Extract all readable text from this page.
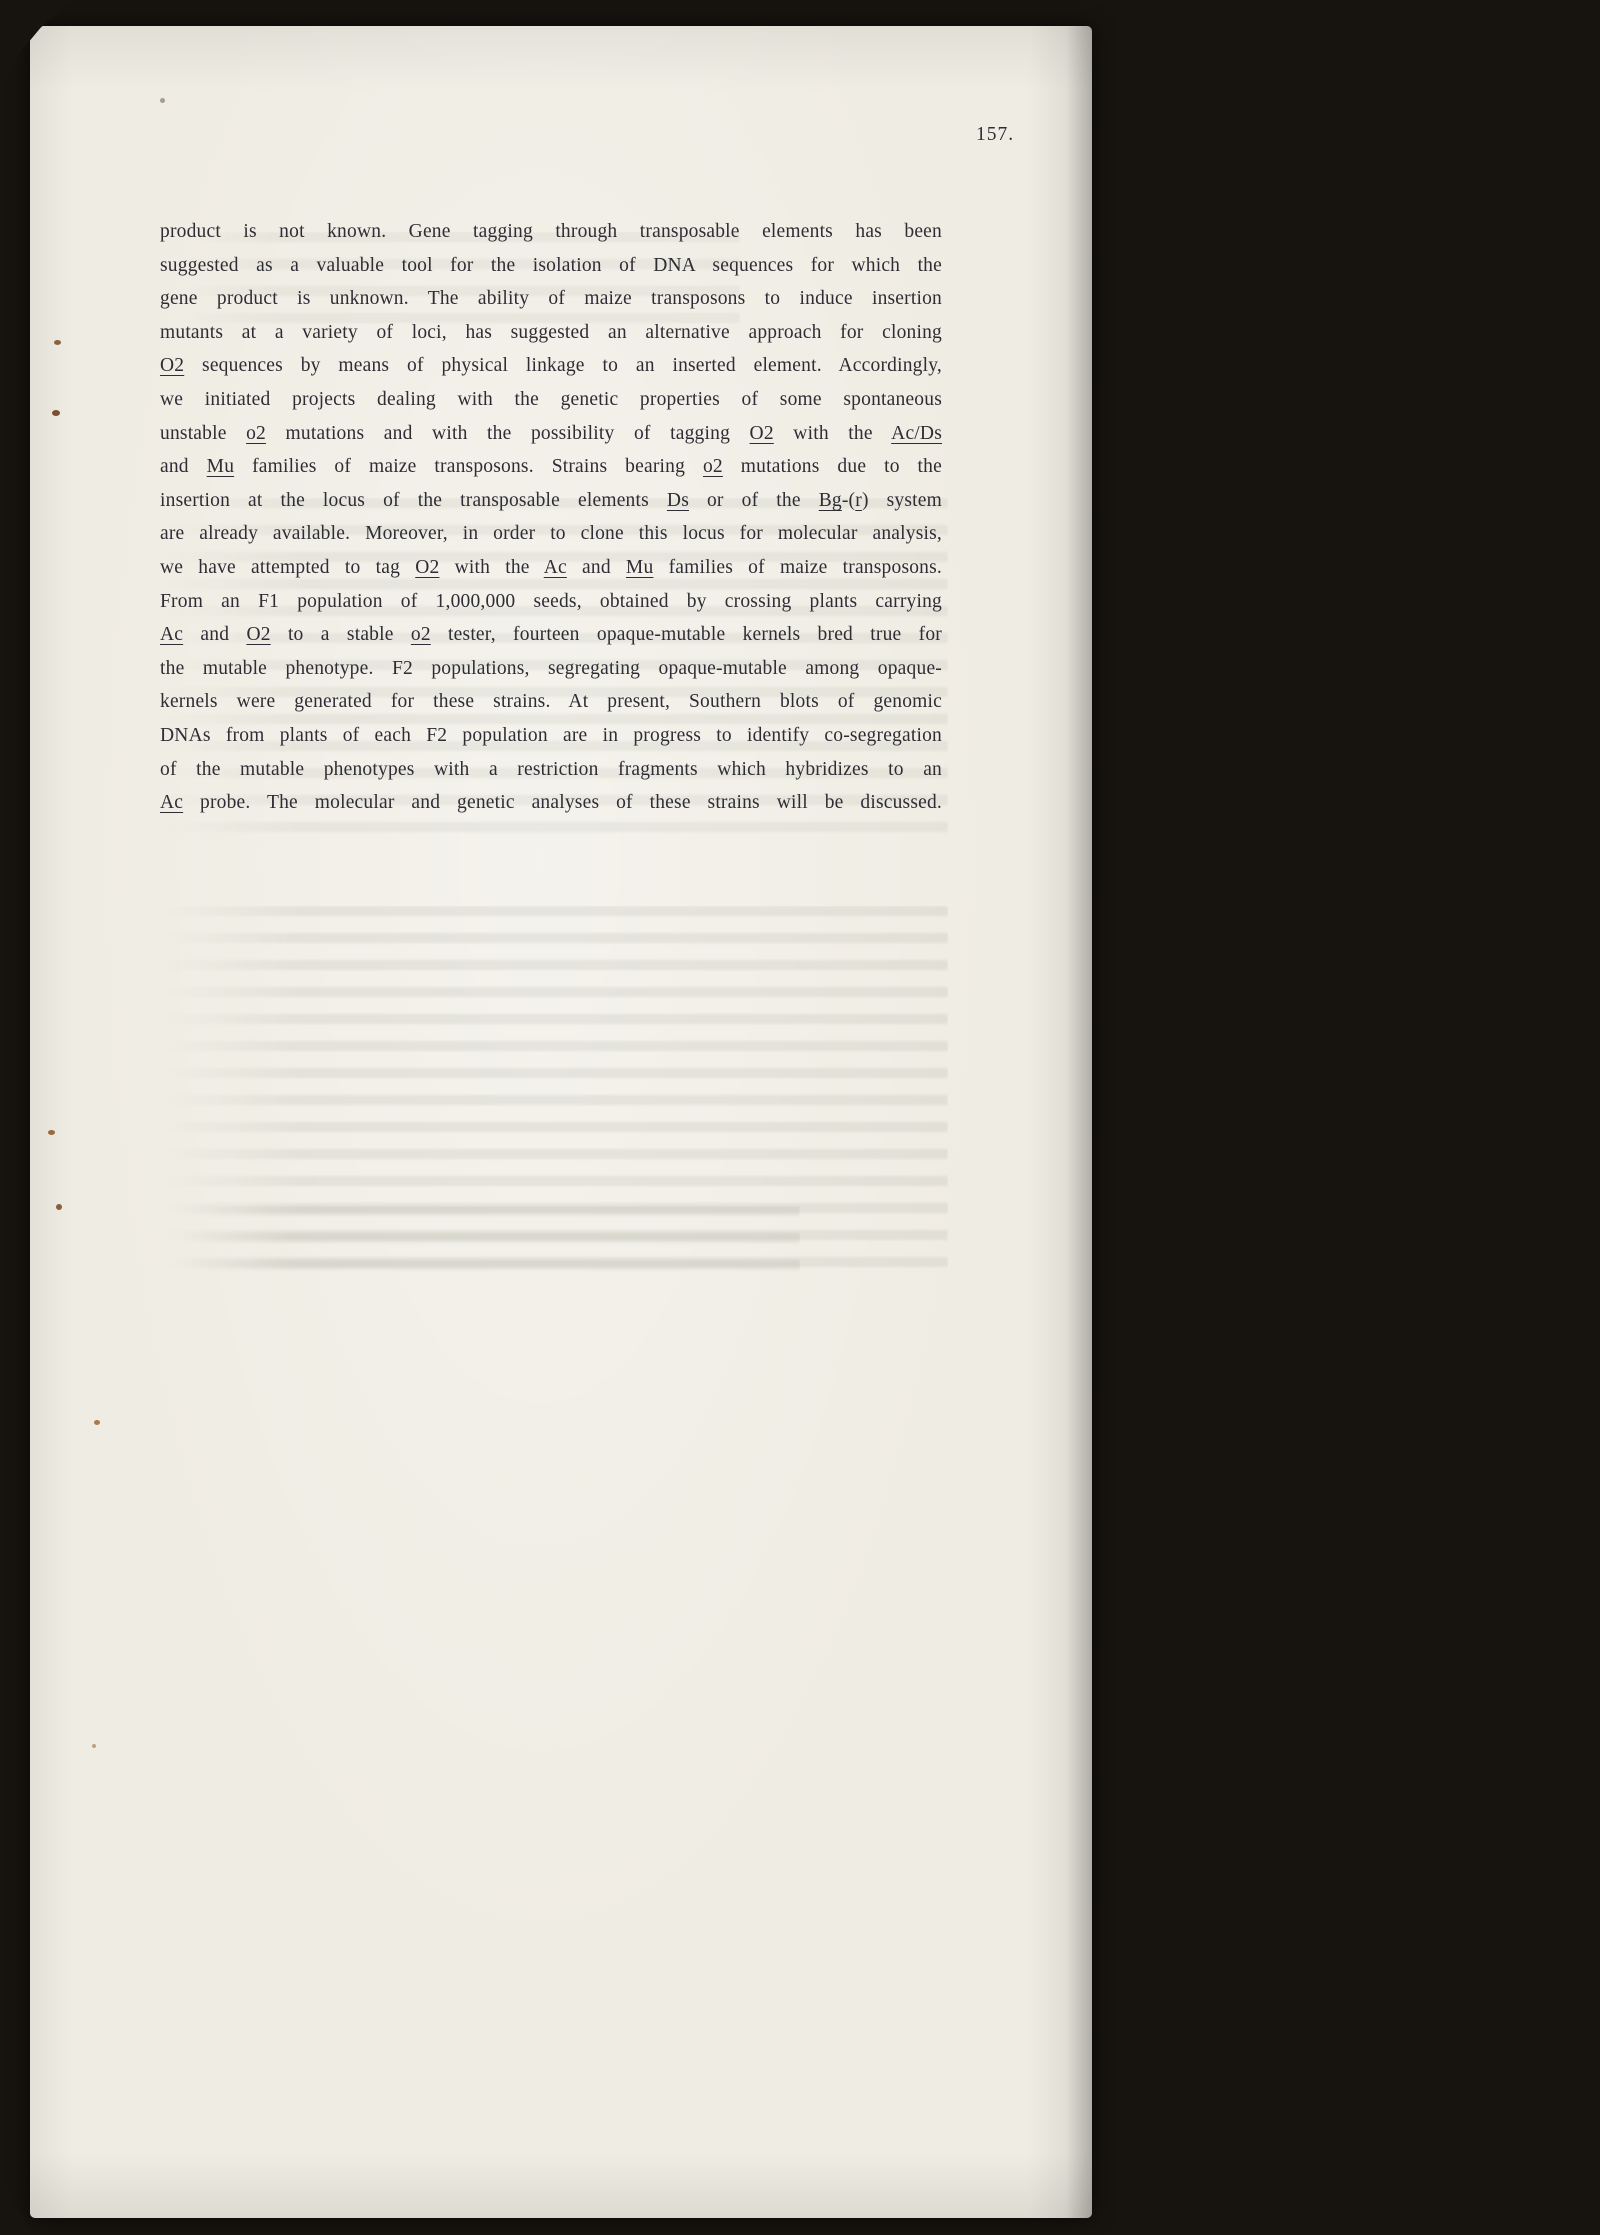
157.
product is not known. Gene tagging through transposable elements has been
suggested as a valuable tool for the isolation of DNA sequences for which the
gene product is unknown. The ability of maize transposons to induce insertion
mutants at a variety of loci, has suggested an alternative approach for cloning
O2 sequences by means of physical linkage to an inserted element. Accordingly,
we initiated projects dealing with the genetic properties of some spontaneous
unstable o2 mutations and with the possibility of tagging O2 with the Ac/Ds
and Mu families of maize transposons. Strains bearing o2 mutations due to the
insertion at the locus of the transposable elements Ds or of the Bg-(r) system
are already available. Moreover, in order to clone this locus for molecular analysis,
we have attempted to tag O2 with the Ac and Mu families of maize transposons.
From an F1 population of 1,000,000 seeds, obtained by crossing plants carrying
Ac and O2 to a stable o2 tester, fourteen opaque-mutable kernels bred true for
the mutable phenotype. F2 populations, segregating opaque-mutable among opaque-
kernels were generated for these strains. At present, Southern blots of genomic
DNAs from plants of each F2 population are in progress to identify co-segregation
of the mutable phenotypes with a restriction fragments which hybridizes to an
Ac probe. The molecular and genetic analyses of these strains will be discussed.
